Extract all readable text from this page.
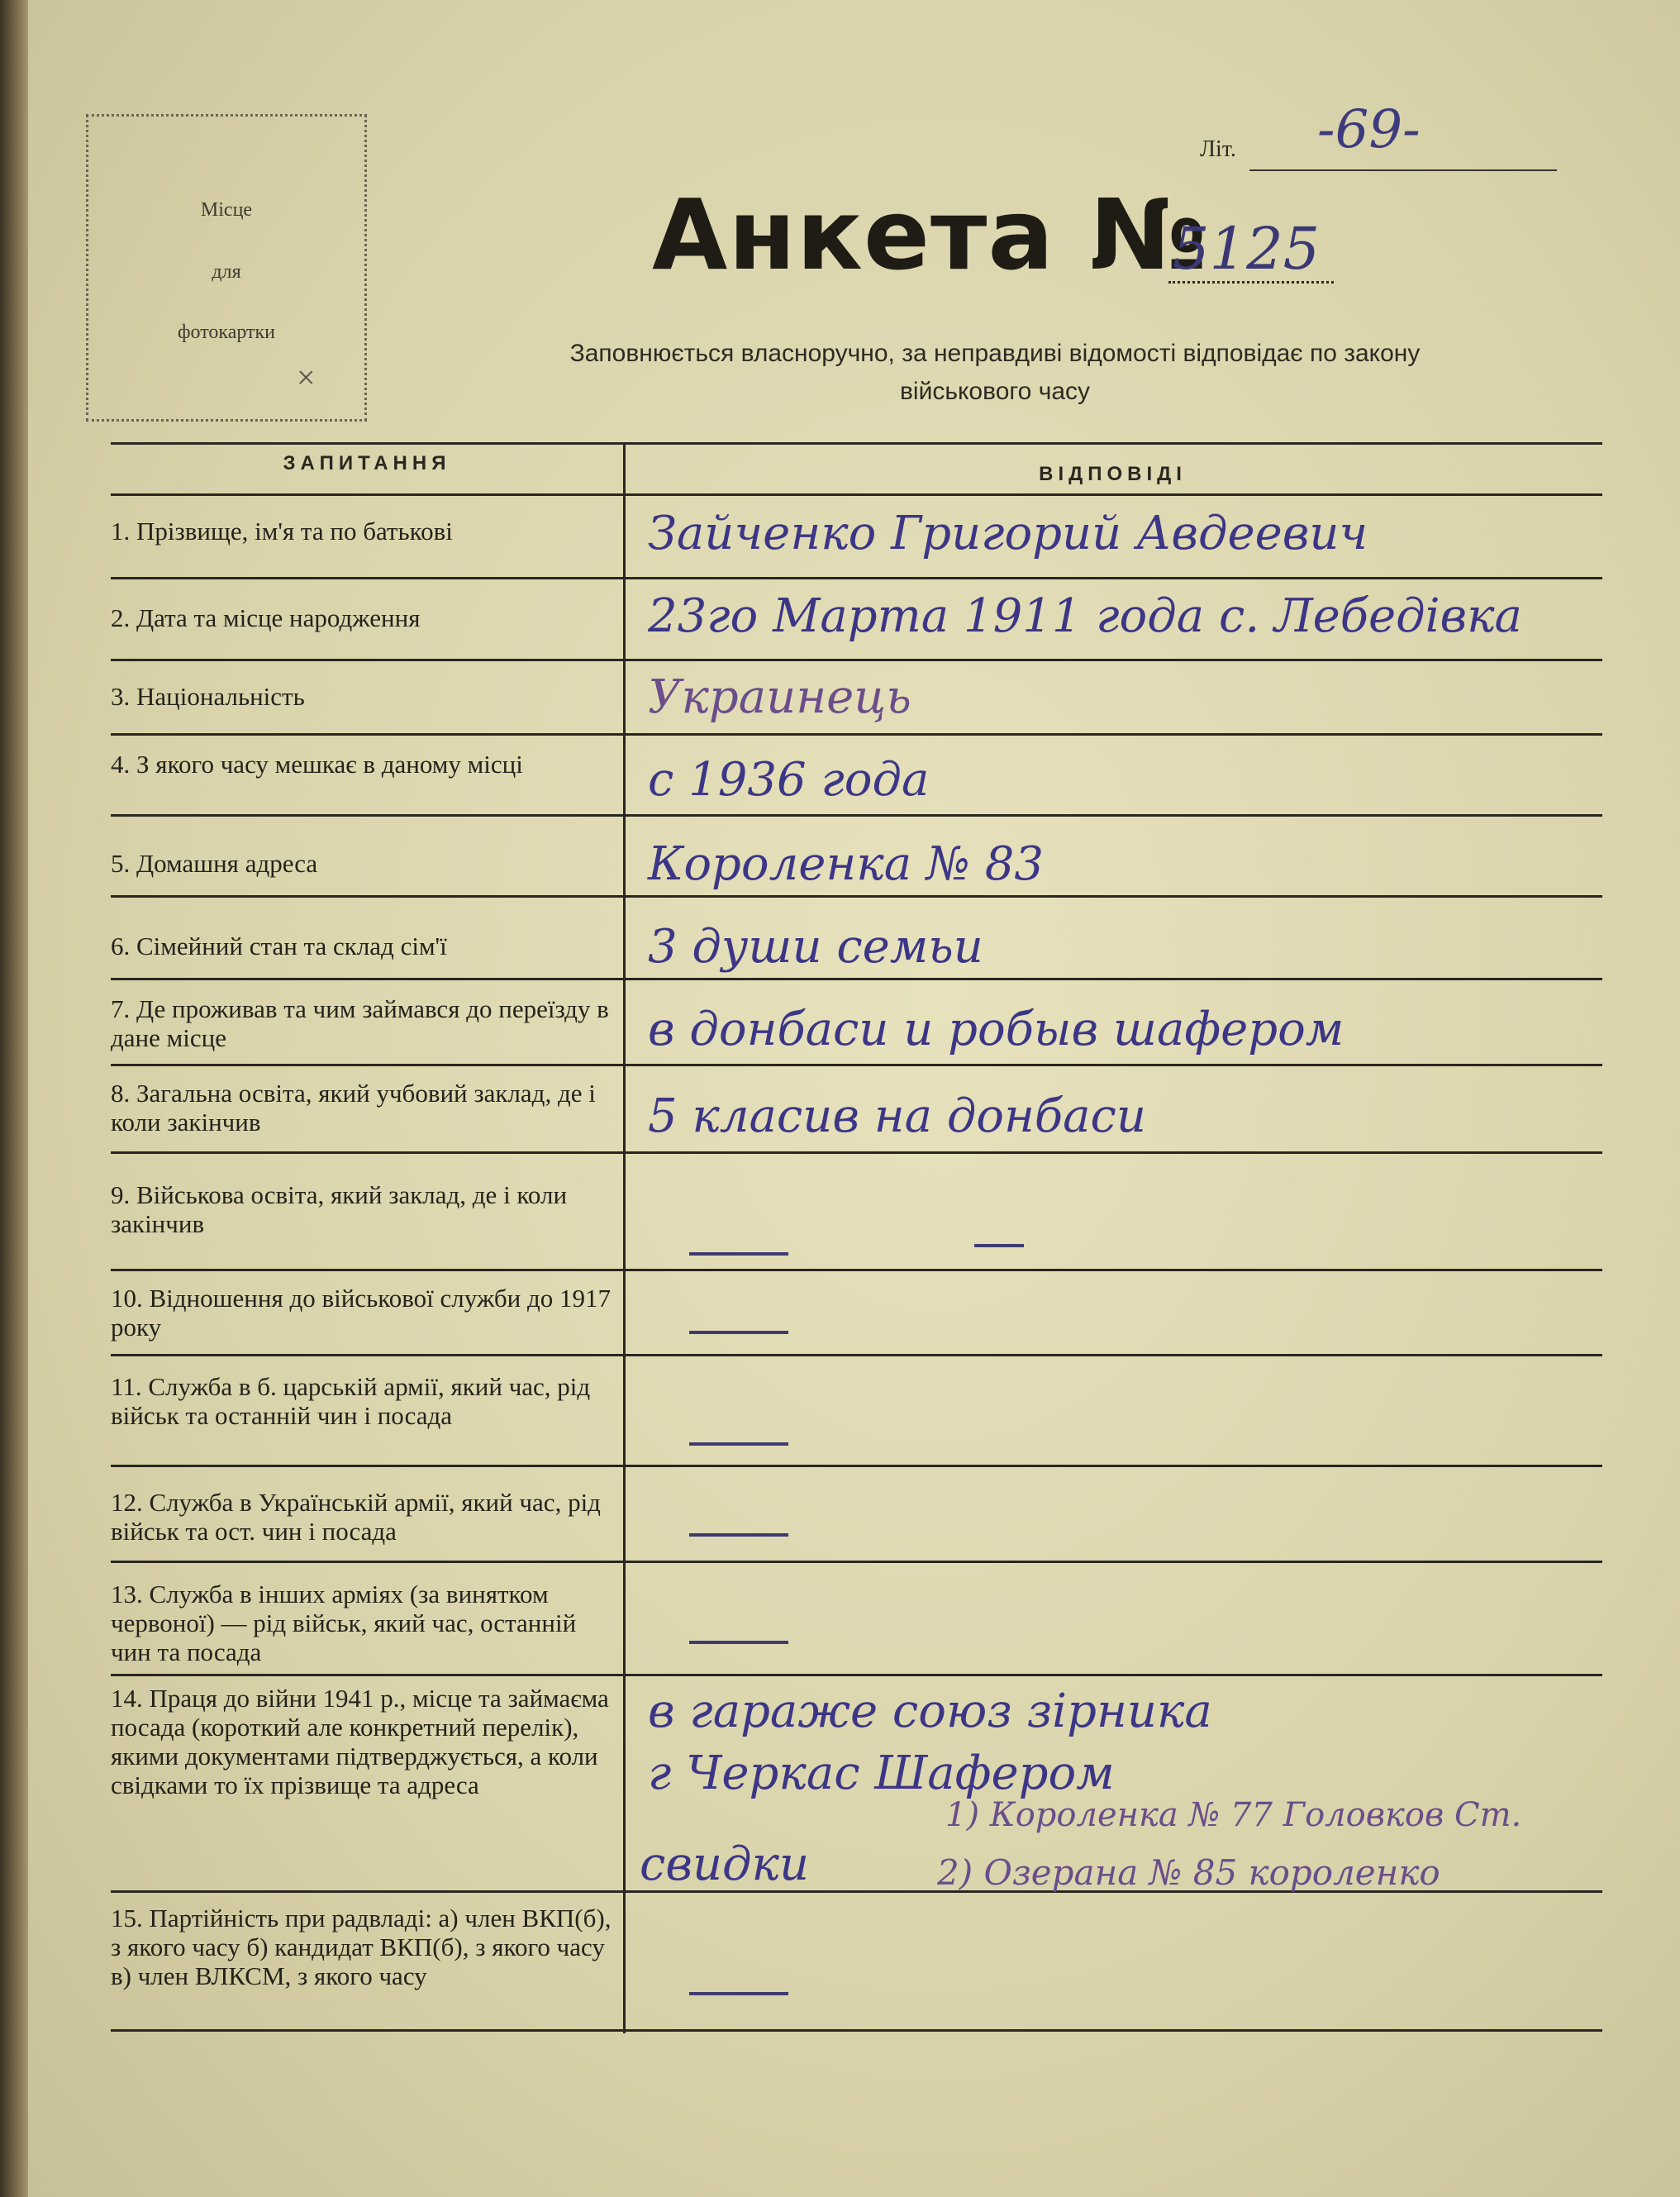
Місце
для
фотокартки
×
Літ. -69-
Анкета №
5125
Заповнюється власноручно, за неправдиві відомості відповідає по закону
військового часу
ЗАПИТАННЯ	ВІДПОВІДІ
1. Прізвище, ім'я та по батькові
2. Дата та місце народження
3. Національність
4. З якого часу мешкає в даному місці
5. Домашня адреса
6. Сімейний стан та склад сім'ї
7. Де проживав та чим займався до переїзду в дане місце
8. Загальна освіта, який учбовий заклад, де і коли закінчив
9. Військова освіта, який заклад, де і коли закінчив
10. Відношення до військової служби до 1917 року
11. Служба в б. царській армії, який час, рід військ та останній чин і посада
12. Служба в Українській армії, який час, рід військ та ост. чин і посада
13. Служба в інших арміях (за винятком червоної) — рід військ, який час, останній чин та посада
14. Праця до війни 1941 р., місце та займаєма посада (короткий але конкретний перелік), якими документами підтверджується, а коли свідками то їх прізвище та адреса
15. Партійність при радвладі: а) член ВКП(б), з якого часу б) кандидат ВКП(б), з якого часу в) член ВЛКСМ, з якого часу
Зайченко Григорий Авдеевич
23го Марта 1911 года с. Лебедівка
Украинець
с 1936 года
Короленка № 83
3 души семьи
в донбаси и робыв шафером
5 класив на донбаси
в гараже союз зірника
г Черкас Шафером
свидки
1) Короленка № 77 Головков Ст.
2) Озерана № 85 короленко
